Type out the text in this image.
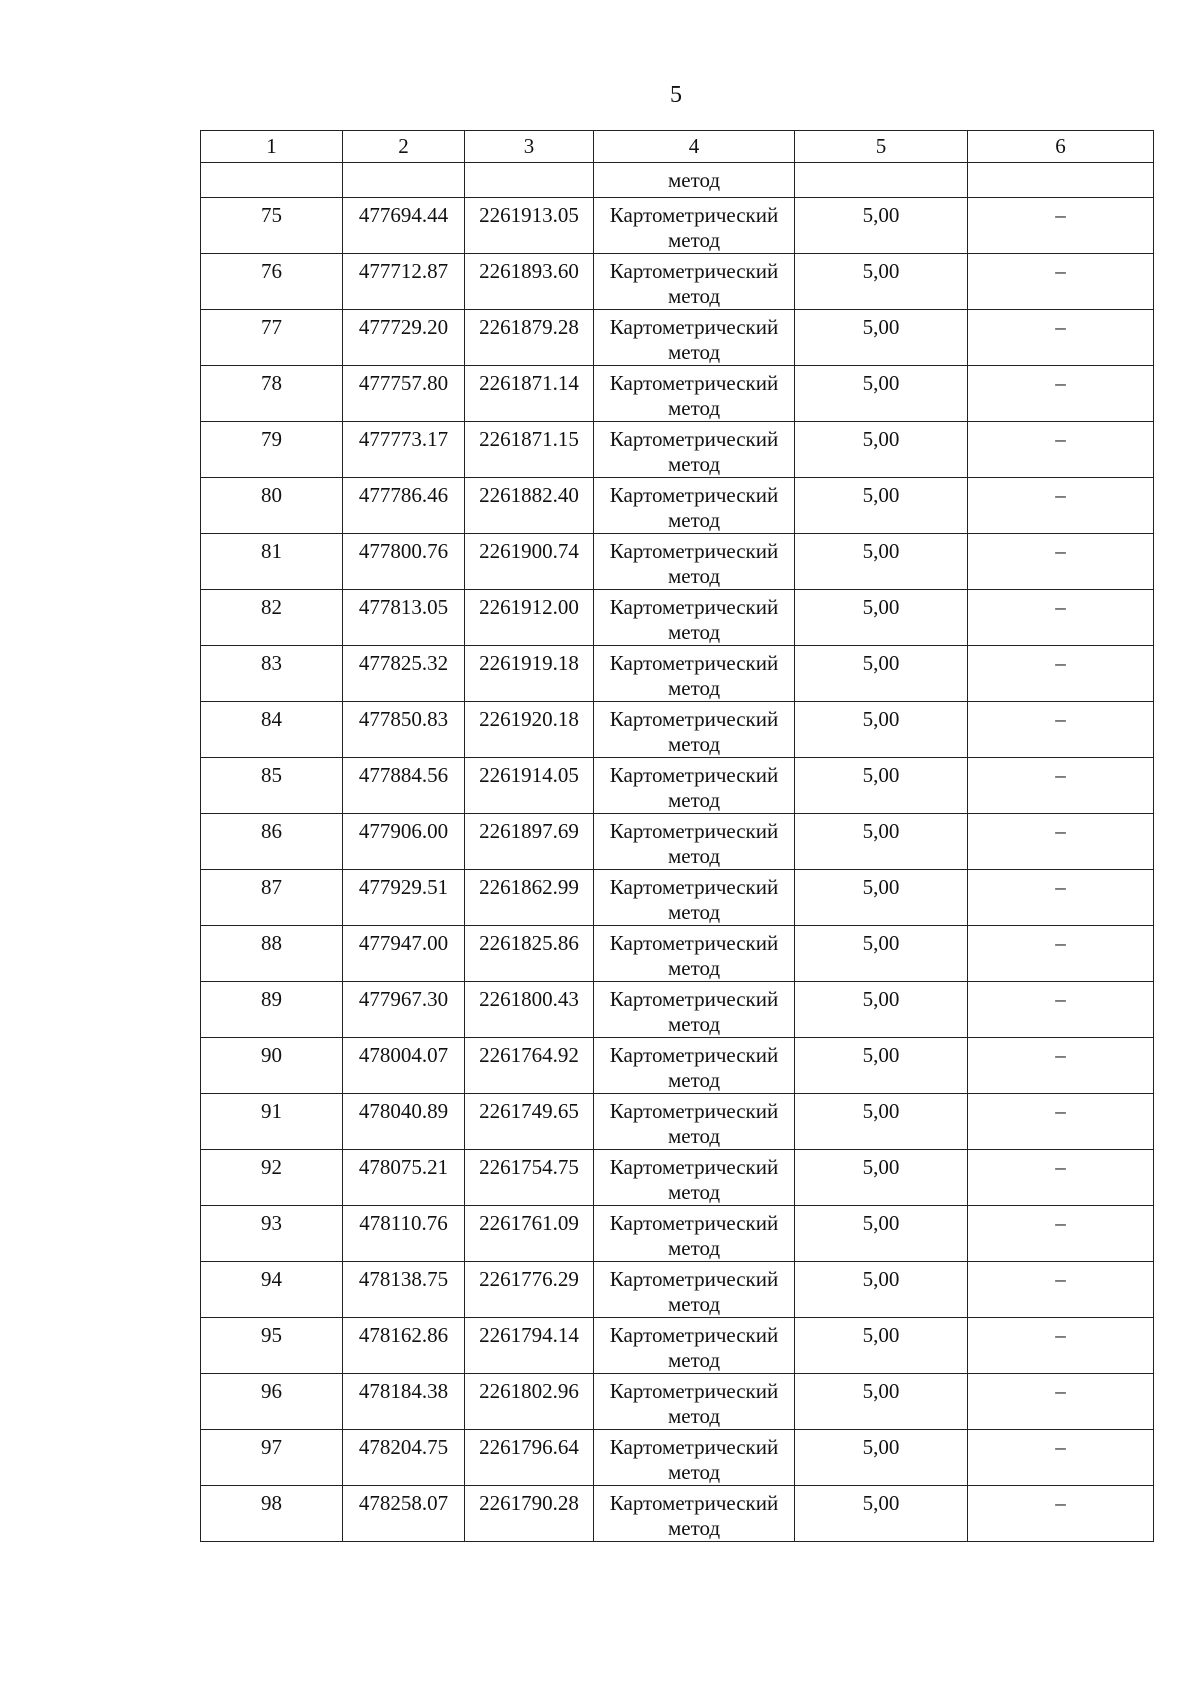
5
1	2	3	4	5	6
			метод		

75	477694.44	2261913.05	Картометрический
метод	5,00	–

76	477712.87	2261893.60	Картометрический
метод	5,00	–

77	477729.20	2261879.28	Картометрический
метод	5,00	–

78	477757.80	2261871.14	Картометрический
метод	5,00	–

79	477773.17	2261871.15	Картометрический
метод	5,00	–

80	477786.46	2261882.40	Картометрический
метод	5,00	–

81	477800.76	2261900.74	Картометрический
метод	5,00	–

82	477813.05	2261912.00	Картометрический
метод	5,00	–

83	477825.32	2261919.18	Картометрический
метод	5,00	–

84	477850.83	2261920.18	Картометрический
метод	5,00	–

85	477884.56	2261914.05	Картометрический
метод	5,00	–

86	477906.00	2261897.69	Картометрический
метод	5,00	–

87	477929.51	2261862.99	Картометрический
метод	5,00	–

88	477947.00	2261825.86	Картометрический
метод	5,00	–

89	477967.30	2261800.43	Картометрический
метод	5,00	–

90	478004.07	2261764.92	Картометрический
метод	5,00	–

91	478040.89	2261749.65	Картометрический
метод	5,00	–

92	478075.21	2261754.75	Картометрический
метод	5,00	–

93	478110.76	2261761.09	Картометрический
метод	5,00	–

94	478138.75	2261776.29	Картометрический
метод	5,00	–

95	478162.86	2261794.14	Картометрический
метод	5,00	–

96	478184.38	2261802.96	Картометрический
метод	5,00	–

97	478204.75	2261796.64	Картометрический
метод	5,00	–

98	478258.07	2261790.28	Картометрический
метод	5,00	–
